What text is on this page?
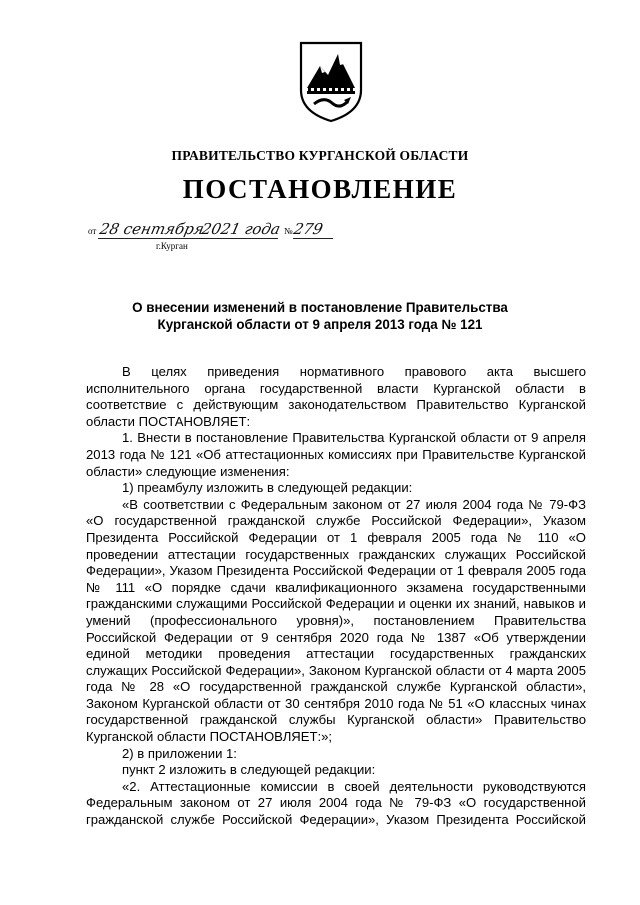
ПРАВИТЕЛЬСТВО КУРГАНСКОЙ ОБЛАСТИ
ПОСТАНОВЛЕНИЕ
от 28 сентября
2021 года № 279
г.Курган
О внесении изменений в постановление Правительства
Курганской области от 9 апреля 2013 года № 121

В целях приведения нормативного правового акта высшего исполнительного органа государственной власти Курганской области в соответствие с действующим законодательством Правительство Курганской области ПОСТАНОВЛЯЕТ:

1. Внести в постановление Правительства Курганской области от 9 апреля 2013 года № 121 «Об аттестационных комиссиях при Правительстве Курганской области» следующие изменения:

1) преамбулу изложить в следующей редакции:

«В соответствии с Федеральным законом от 27 июля 2004 года № 79-ФЗ «О государственной гражданской службе Российской Федерации», Указом Президента Российской Федерации от 1 февраля 2005 года № 110 «О проведении аттестации государственных гражданских служащих Российской Федерации», Указом Президента Российской Федерации от 1 февраля 2005 года № 111 «О порядке сдачи квалификационного экзамена государственными гражданскими служащими Российской Федерации и оценки их знаний, навыков и умений (профессионального уровня)», постановлением Правительства Российской Федерации от 9 сентября 2020 года № 1387 «Об утверждении единой методики проведения аттестации государственных гражданских служащих Российской Федерации», Законом Курганской области от 4 марта 2005 года № 28 «О государственной гражданской службе Курганской области», Законом Курганской области от 30 сентября 2010 года № 51 «О классных чинах государственной гражданской службы Курганской области» Правительство Курганской области ПОСТАНОВЛЯЕТ:»;

2) в приложении 1:

пункт 2 изложить в следующей редакции:

«2. Аттестационные комиссии в своей деятельности руководствуются Федеральным законом от 27 июля 2004 года № 79-ФЗ «О государственной гражданской службе Российской Федерации», Указом Президента Российской
